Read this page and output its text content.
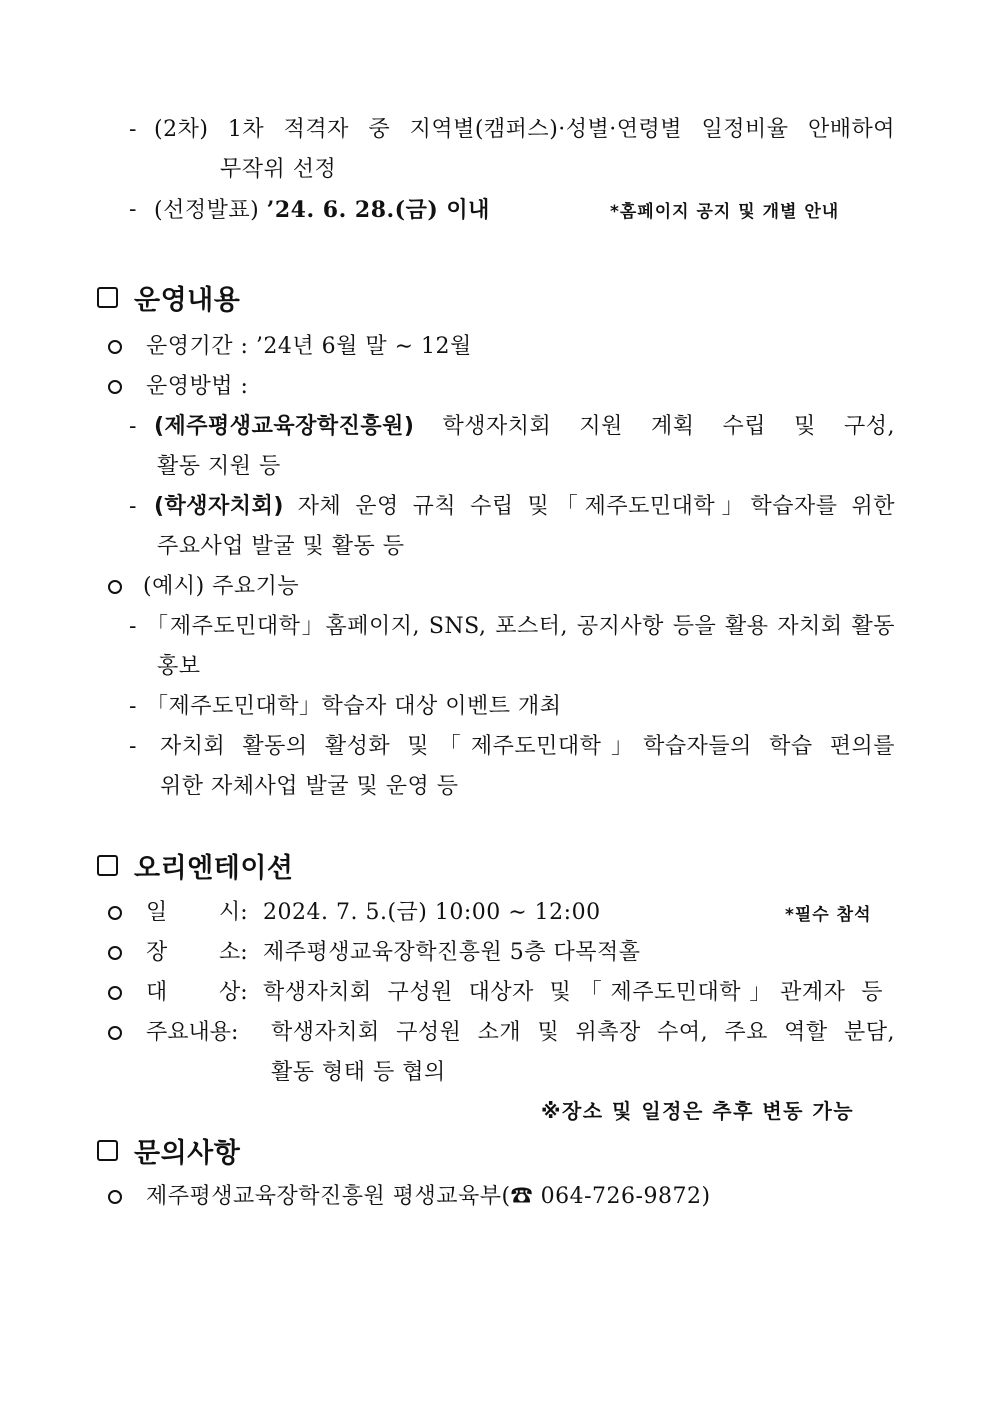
- (2차) 1차 적격자 중 지역별(캠퍼스)·성별·연령별 일정비율 안배하여
무작위 선정
- (선정발표) ’24. 6. 28.(금) 이내	*홈페이지 공지 및 개별 안내
운영내용
운영기간 : ’24년 6월 말 ∼ 12월
운영방법 :
- (제주평생교육장학진흥원) 학생자치회 지원 계획 수립 및 구성,
활동 지원 등
- (학생자치회) 자체 운영 규칙 수립 및「제주도민대학」학습자를 위한
주요사업 발굴 및 활동 등
(예시) 주요기능
- 「제주도민대학」홈페이지, SNS, 포스터, 공지사항 등을 활용 자치회 활동
홍보
- 「제주도민대학」학습자 대상 이벤트 개최
- 자치회 활동의 활성화 및「제주도민대학」학습자들의 학습 편의를
위한 자체사업 발굴 및 운영 등
오리엔테이션
일 시: 2024. 7. 5.(금) 10:00 ∼ 12:00	*필수 참석
장 소: 제주평생교육장학진흥원 5층 다목적홀
대 상: 학생자치회 구성원 대상자 및「제주도민대학」관계자 등
주요내용: 학생자치회 구성원 소개 및 위촉장 수여, 주요 역할 분담,
활동 형태 등 협의
※장소 및 일정은 추후 변동 가능
문의사항
제주평생교육장학진흥원 평생교육부(☎ 064-726-9872)
